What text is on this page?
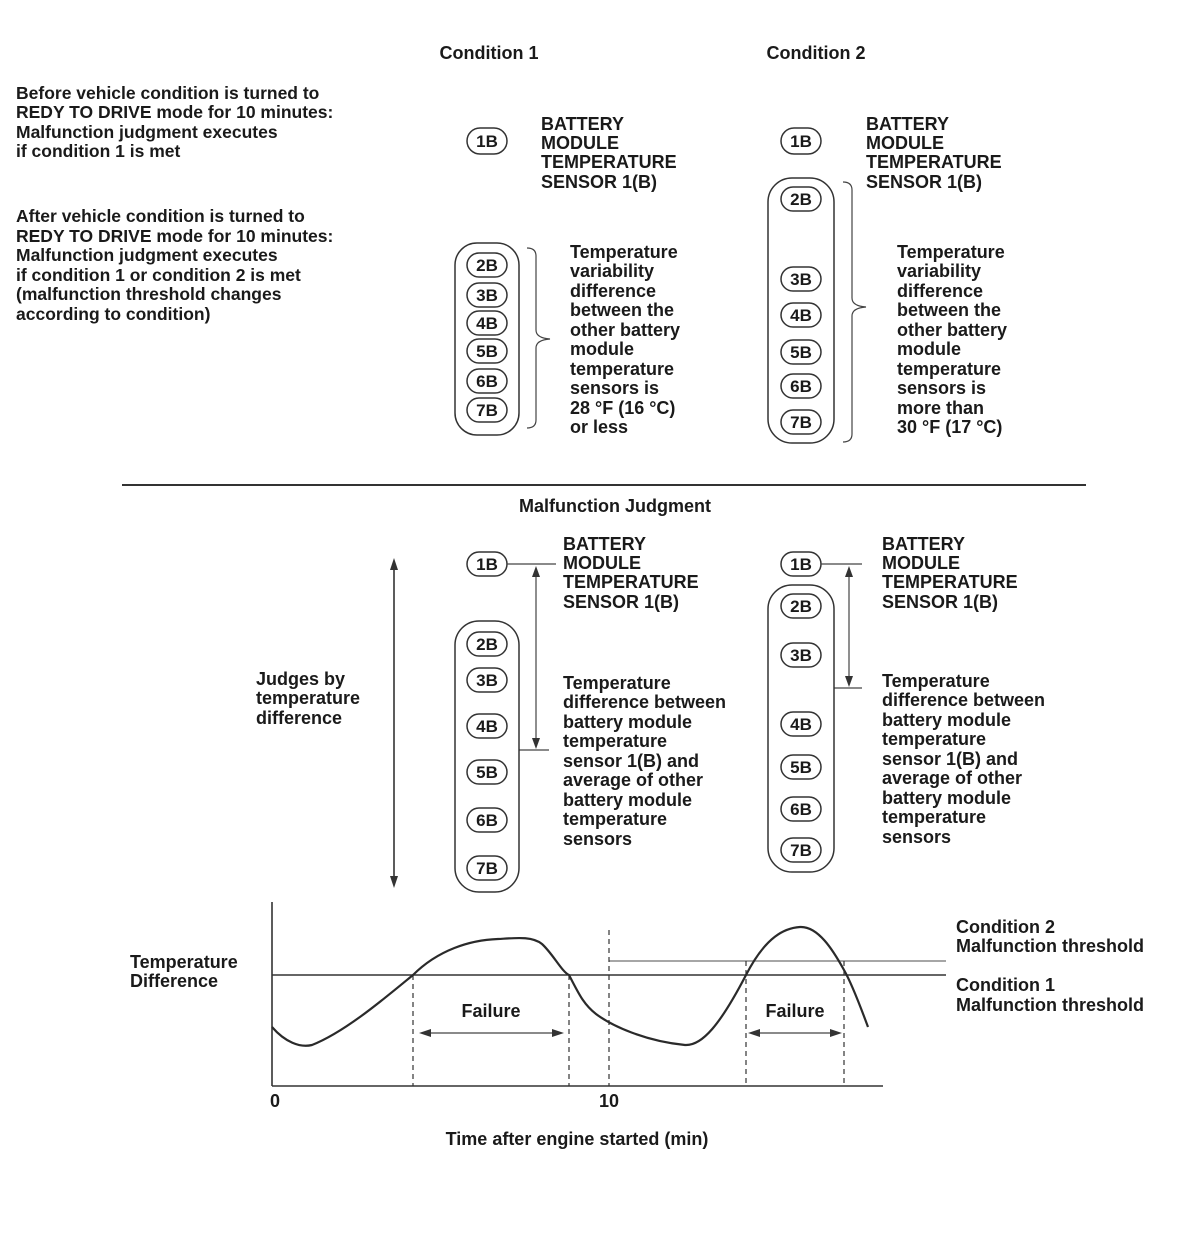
Condition 1	Condition 2
Before vehicle condition is turned to
REDY TO DRIVE mode for 10 minutes:
Malfunction judgment executes
if condition 1 is met
After vehicle condition is turned to
REDY TO DRIVE mode for 10 minutes:
Malfunction judgment executes
if condition 1 or condition 2 is met
(malfunction threshold changes
according to condition)
1B
BATTERY
MODULE
TEMPERATURE
SENSOR 1(B)
2B
3B
4B
5B
6B
7B
Temperature
variability
difference
between the
other battery
module
temperature
sensors is
28 °F (16 °C)
or less
1B
BATTERY
MODULE
TEMPERATURE
SENSOR 1(B)
2B
3B
4B
5B
6B
7B
Temperature
variability
difference
between the
other battery
module
temperature
sensors is
more than
30 °F (17 °C)
Malfunction Judgment
Judges by
temperature
difference
1B
BATTERY
MODULE
TEMPERATURE
SENSOR 1(B)
2B
3B
4B
5B
6B
7B
Temperature
difference between
battery module
temperature
sensor 1(B) and
average of other
battery module
temperature
sensors
1B
BATTERY
MODULE
TEMPERATURE
SENSOR 1(B)
2B
3B
4B
5B
6B
7B
Temperature
difference between
battery module
temperature
sensor 1(B) and
average of other
battery module
temperature
sensors
Temperature
Difference
Failure	Failure
Condition 2
Malfunction threshold
Condition 1
Malfunction threshold
0	10
Time after engine started (min)
